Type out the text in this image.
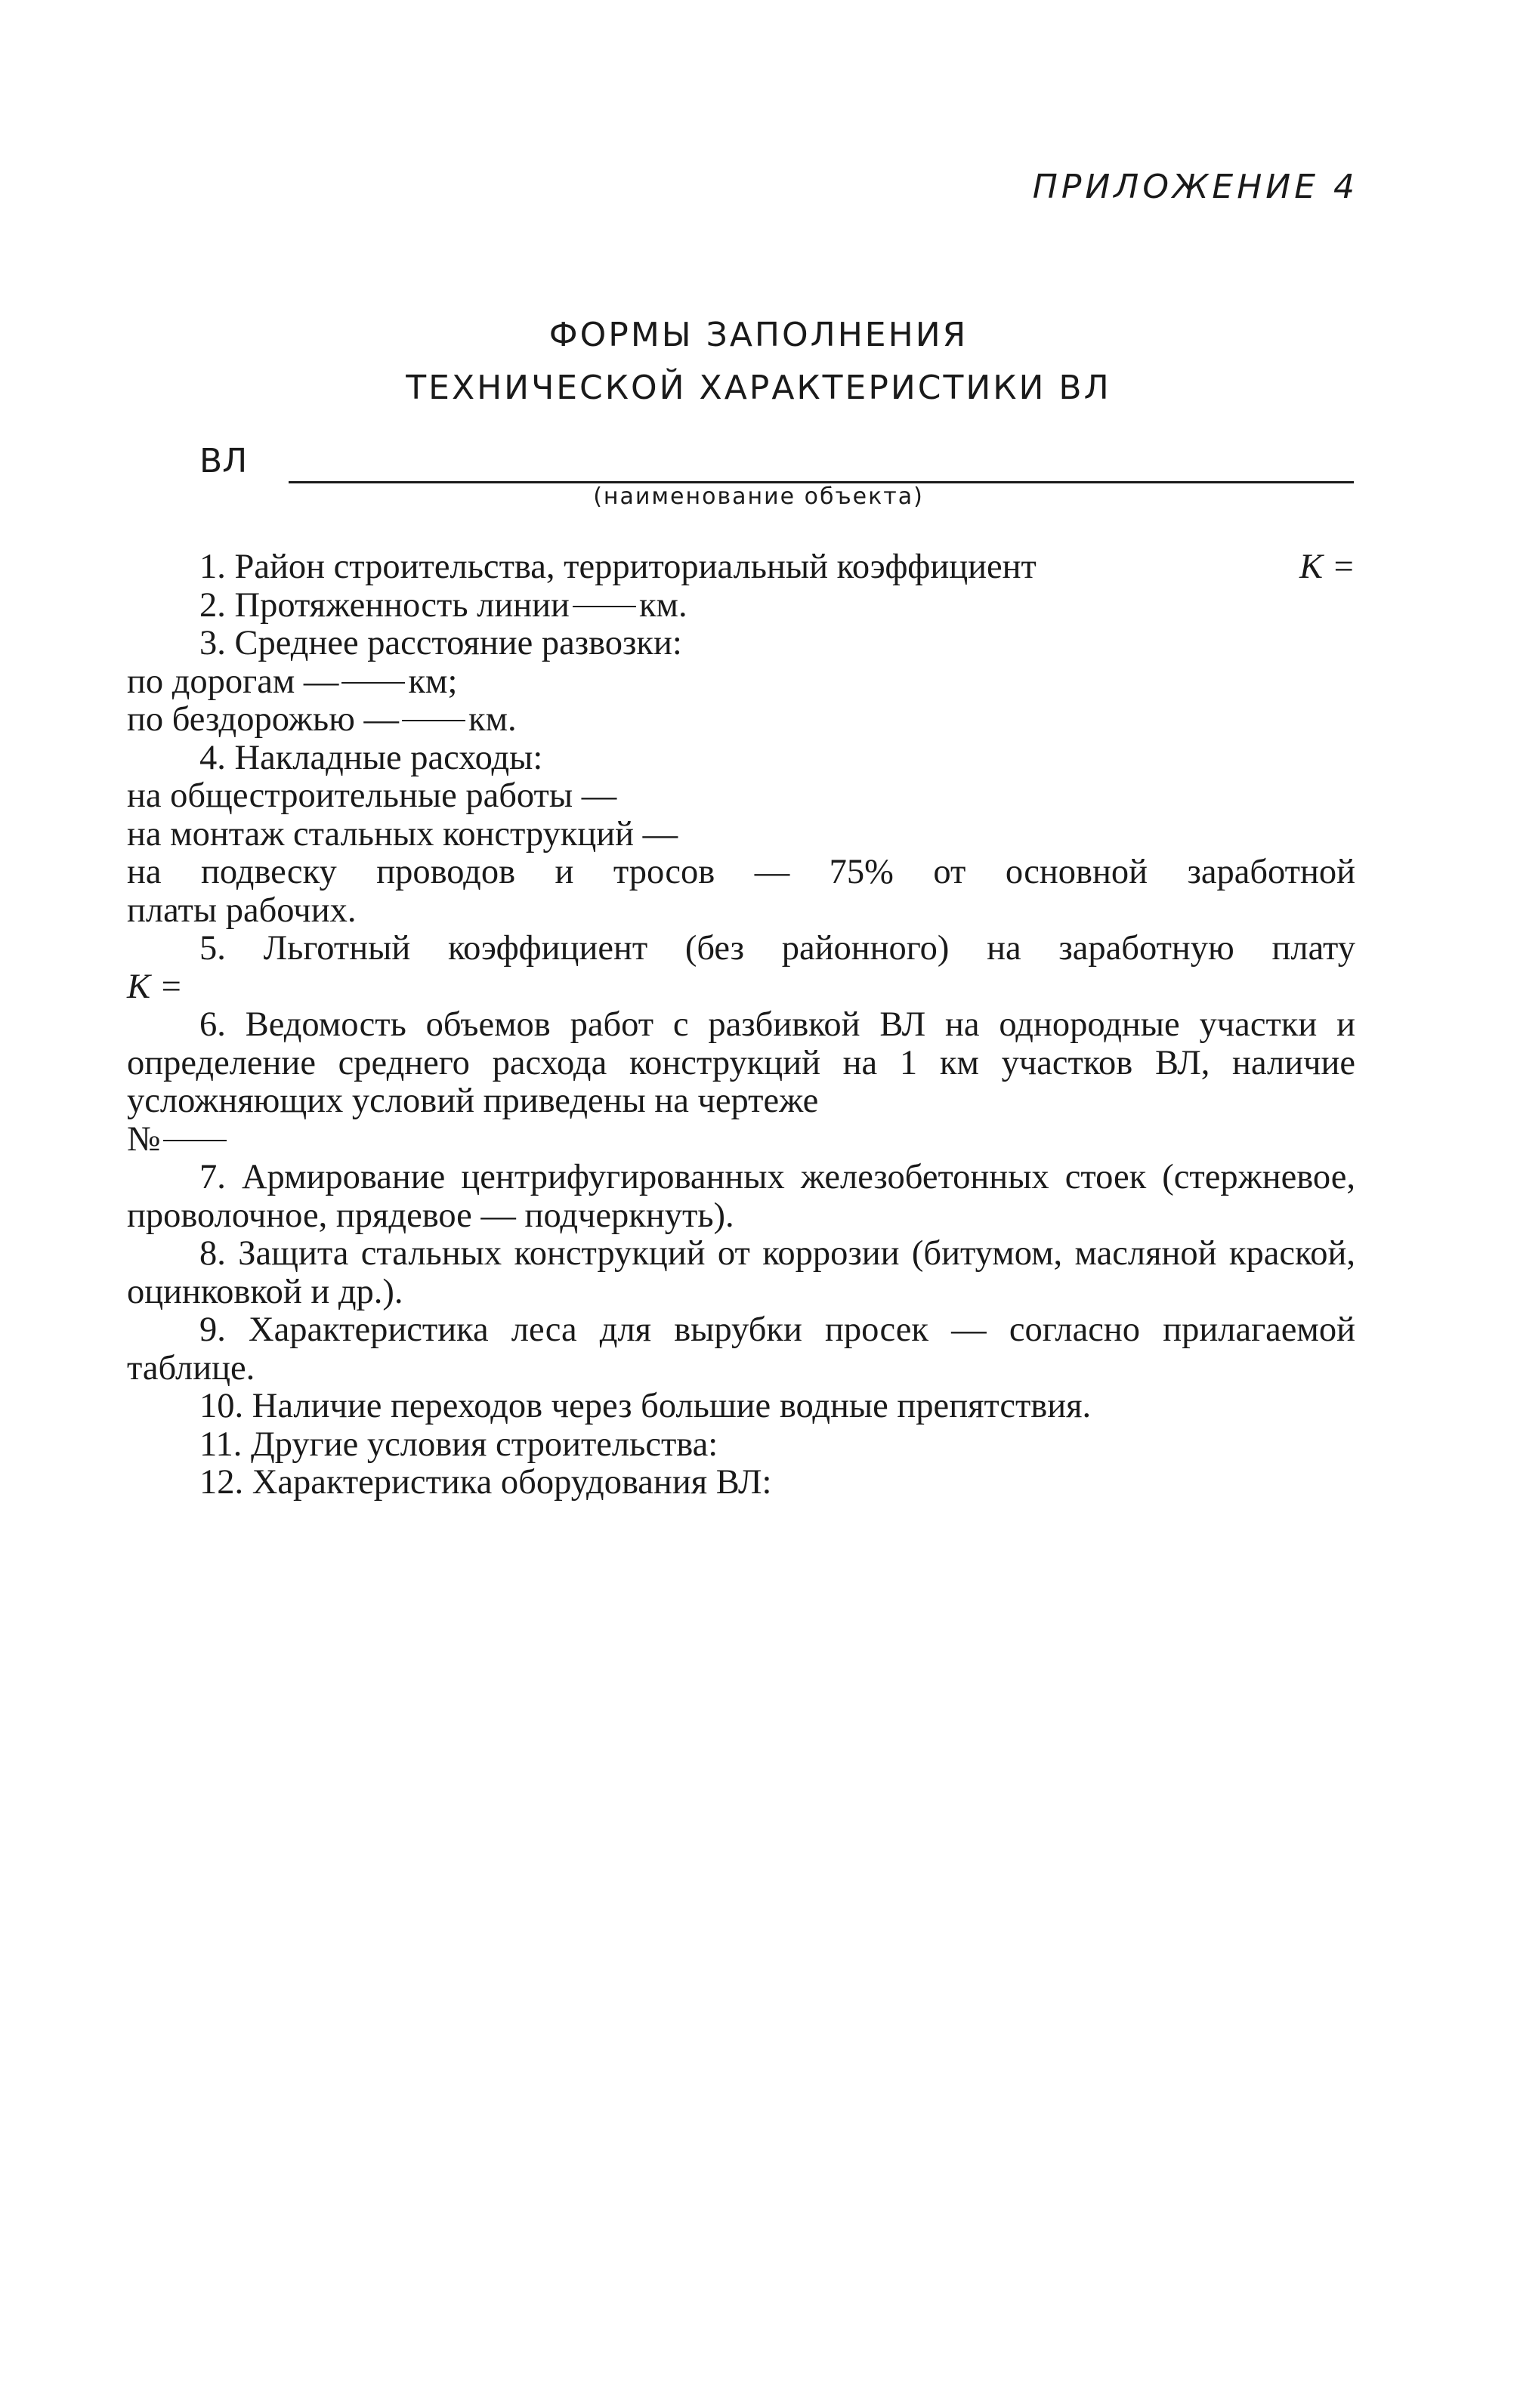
ПРИЛОЖЕНИЕ 4
ФОРМЫ ЗАПОЛНЕНИЯ
ТЕХНИЧЕСКОЙ ХАРАКТЕРИСТИКИ ВЛ
ВЛ
(наименование объекта)

1. Район строительства, территориальный коэффициент	K =

2. Протяженность линии км.

3. Среднее расстояние развозки:

по дорогам — км;

по бездорожью — км.

4. Накладные расходы:

на общестроительные работы —

на монтаж стальных конструкций —

на подвеску проводов и тросов — 75% от основной заработной

платы рабочих.

5. Льготный коэффициент (без районного) на заработную плату

K =

6. Ведомость объемов работ с разбивкой ВЛ на однородные участки и определение среднего расхода конструкций на 1 км участков ВЛ, наличие усложняющих условий приведены на чертеже

№

7. Армирование центрифугированных железобетонных стоек (стержневое, проволочное, прядевое — подчеркнуть).

8. Защита стальных конструкций от коррозии (битумом, масляной краской, оцинковкой и др.).

9. Характеристика леса для вырубки просек — согласно прилагаемой таблице.

10. Наличие переходов через большие водные препятствия.

11. Другие условия строительства:

12. Характеристика оборудования ВЛ:
